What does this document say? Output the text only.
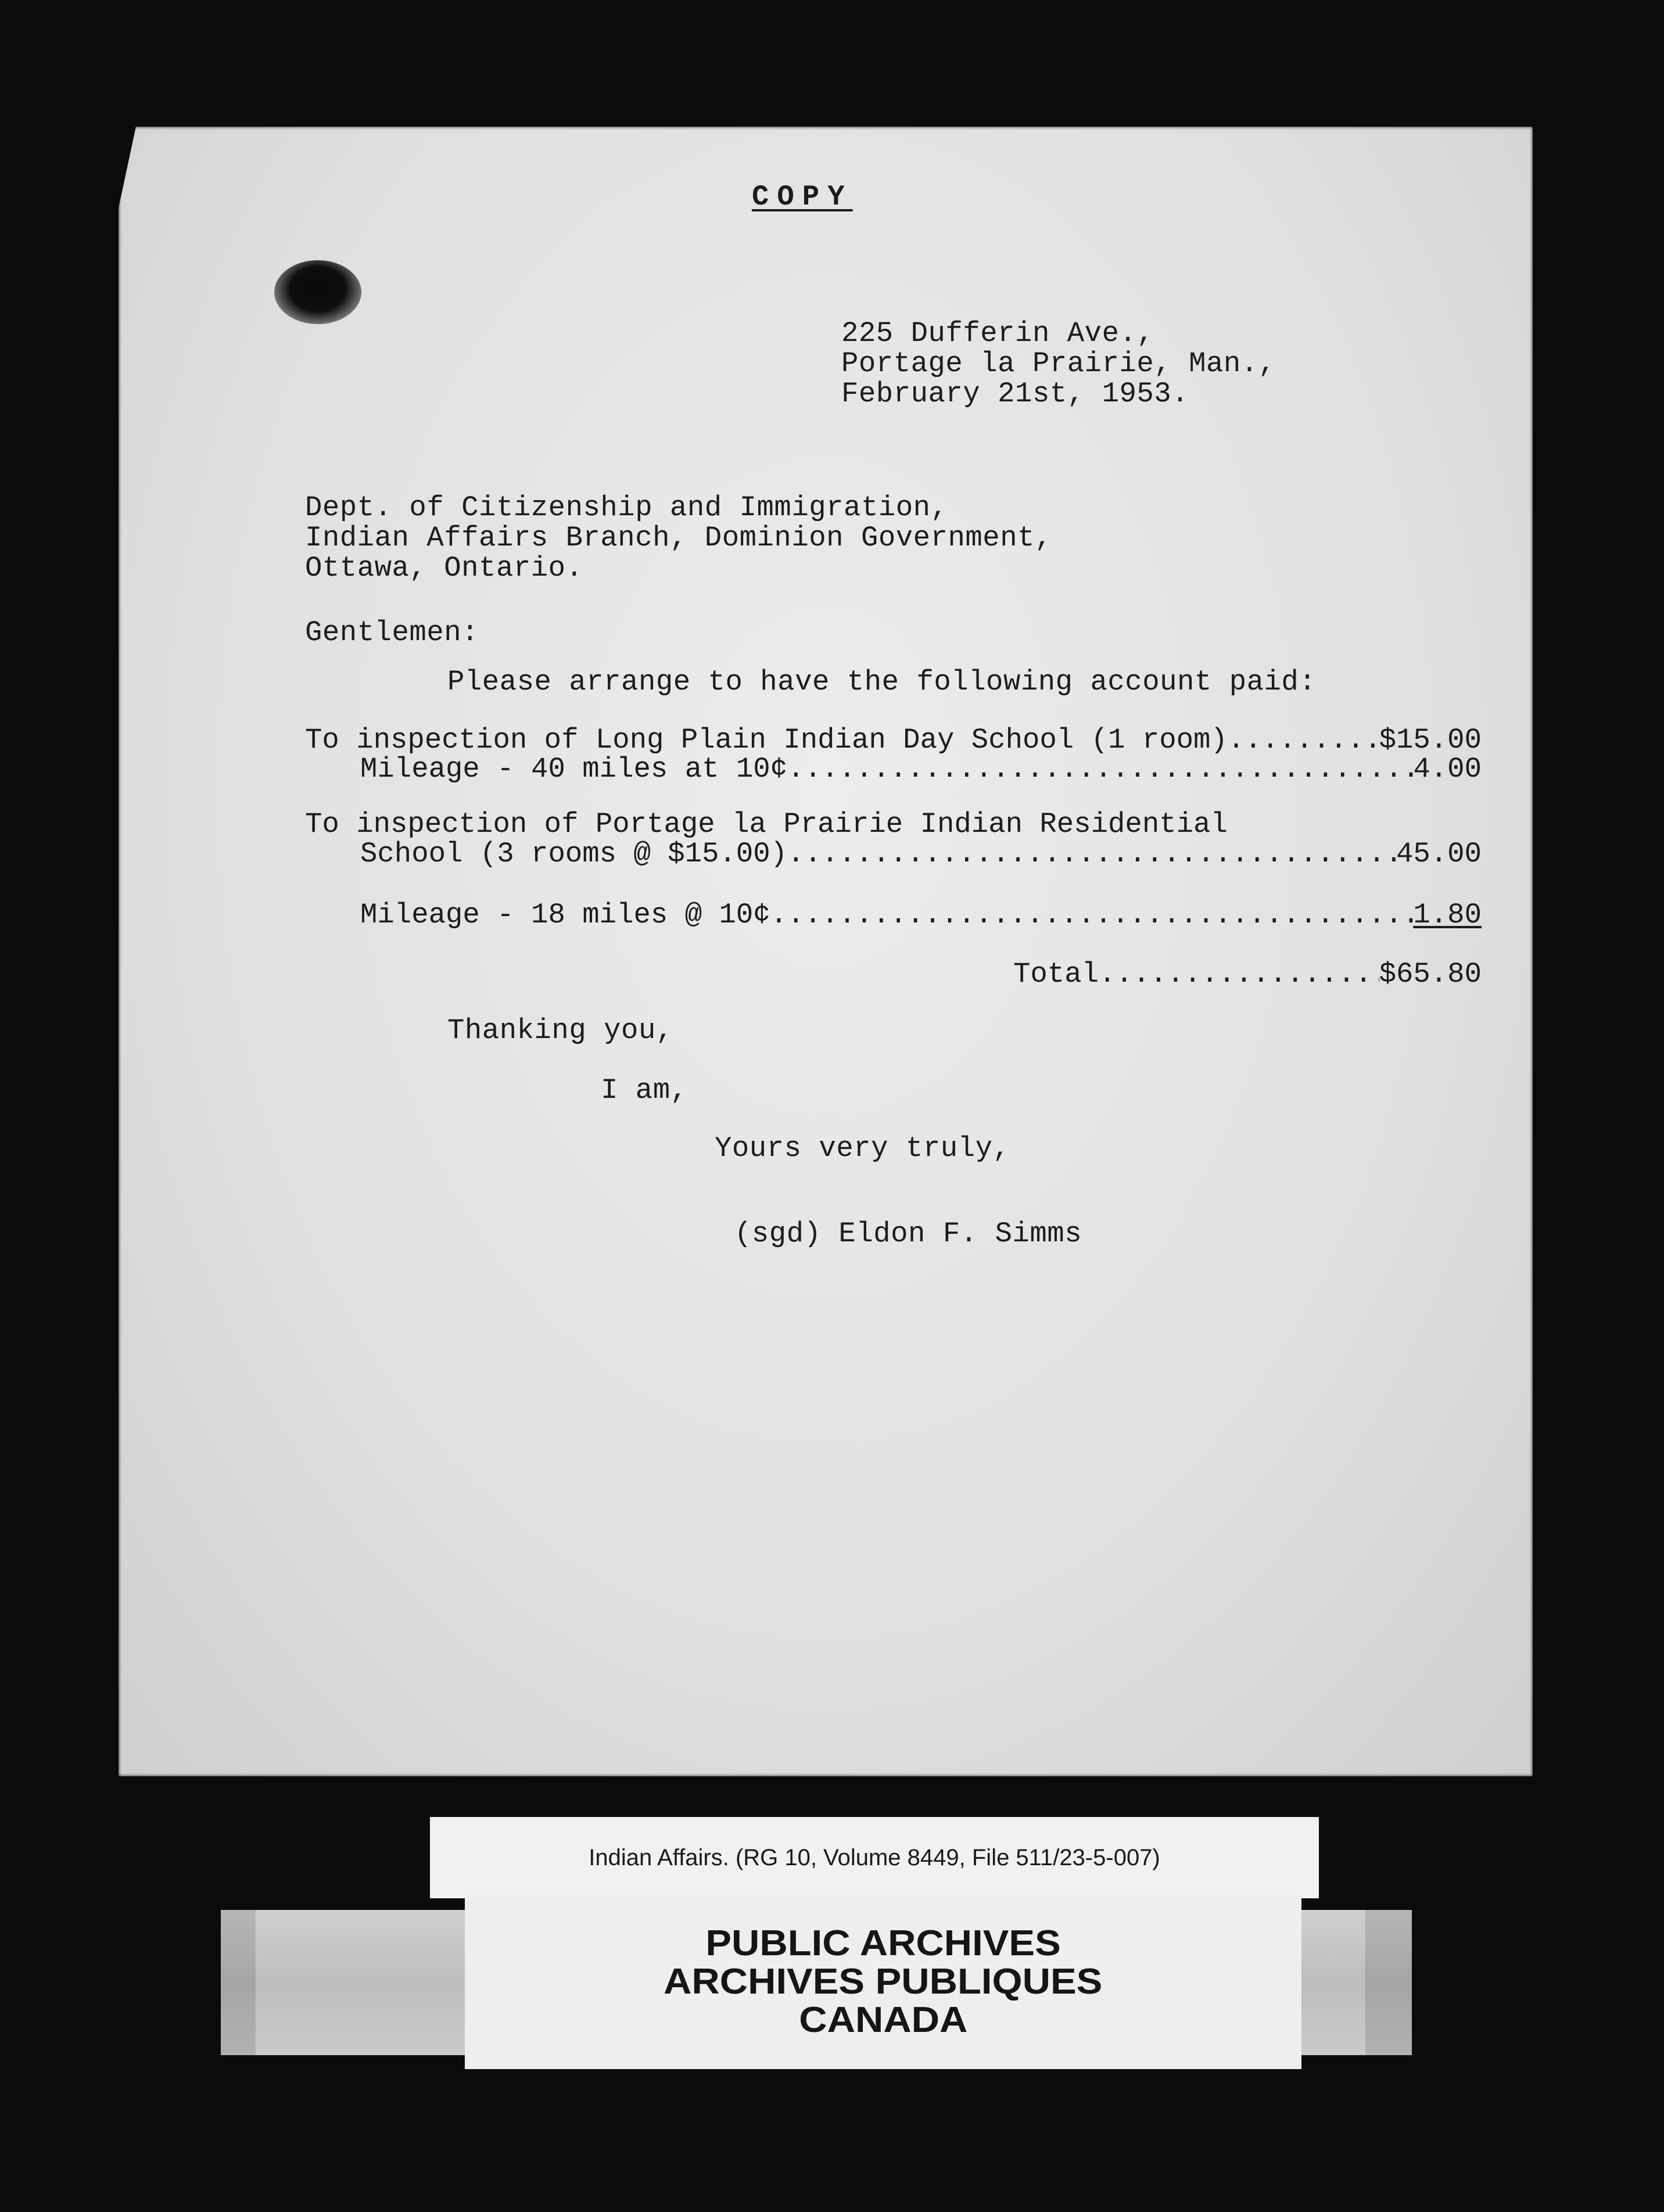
COPY
225 Dufferin Ave.,
Portage la Prairie, Man.,
February 21st, 1953.
Dept. of Citizenship and Immigration,
Indian Affairs Branch, Dominion Government,
Ottawa, Ontario.
Gentlemen:
Please arrange to have the following account paid:
To inspection of Long Plain Indian Day School (1 room) .....	$15.00
Mileage - 40 miles at 10¢ .....	4.00
To inspection of Portage la Prairie Indian Residential
School (3 rooms @ $15.00) .....	45.00
Mileage - 18 miles @ 10¢ .....	1.80
Total .....	$65.80
Thanking you,
I am,
Yours very truly,
(sgd) Eldon F. Simms
Indian Affairs. (RG 10, Volume 8449, File 511/23-5-007)
PUBLIC ARCHIVES
ARCHIVES PUBLIQUES
CANADA
